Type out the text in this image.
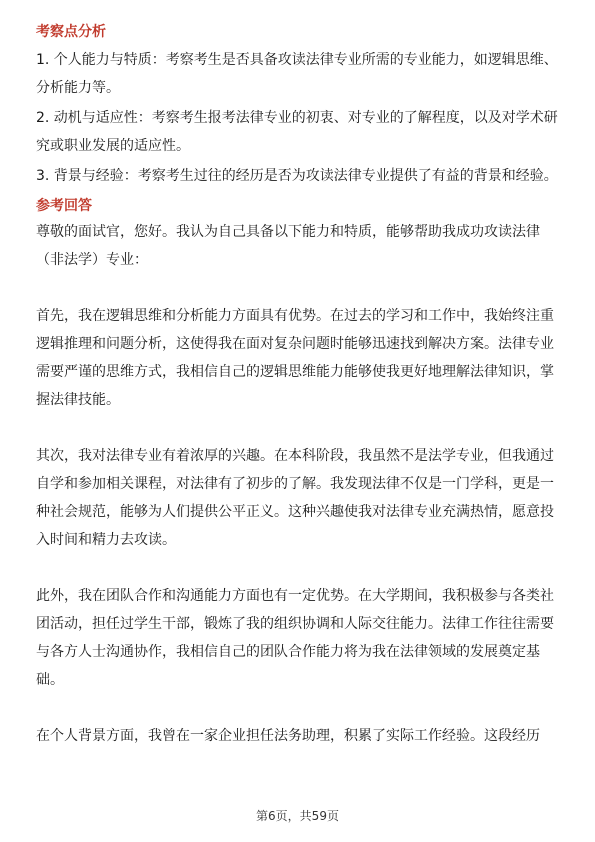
考察点分析

1. 个人能力与特质：考察考生是否具备攻读法律专业所需的专业能力，如逻辑思维、分析能力等。

2. 动机与适应性：考察考生报考法律专业的初衷、对专业的了解程度，以及对学术研究或职业发展的适应性。

3. 背景与经验：考察考生过往的经历是否为攻读法律专业提供了有益的背景和经验。

参考回答

尊敬的面试官，您好。我认为自己具备以下能力和特质，能够帮助我成功攻读法律（非法学）专业：

首先，我在逻辑思维和分析能力方面具有优势。在过去的学习和工作中，我始终注重逻辑推理和问题分析，这使得我在面对复杂问题时能够迅速找到解决方案。法律专业需要严谨的思维方式，我相信自己的逻辑思维能力能够使我更好地理解法律知识，掌握法律技能。

其次，我对法律专业有着浓厚的兴趣。在本科阶段，我虽然不是法学专业，但我通过自学和参加相关课程，对法律有了初步的了解。我发现法律不仅是一门学科，更是一种社会规范，能够为人们提供公平正义。这种兴趣使我对法律专业充满热情，愿意投入时间和精力去攻读。

此外，我在团队合作和沟通能力方面也有一定优势。在大学期间，我积极参与各类社团活动，担任过学生干部，锻炼了我的组织协调和人际交往能力。法律工作往往需要与各方人士沟通协作，我相信自己的团队合作能力将为我在法律领域的发展奠定基础。

在个人背景方面，我曾在一家企业担任法务助理，积累了实际工作经验。这段经历

第6页，共59页
